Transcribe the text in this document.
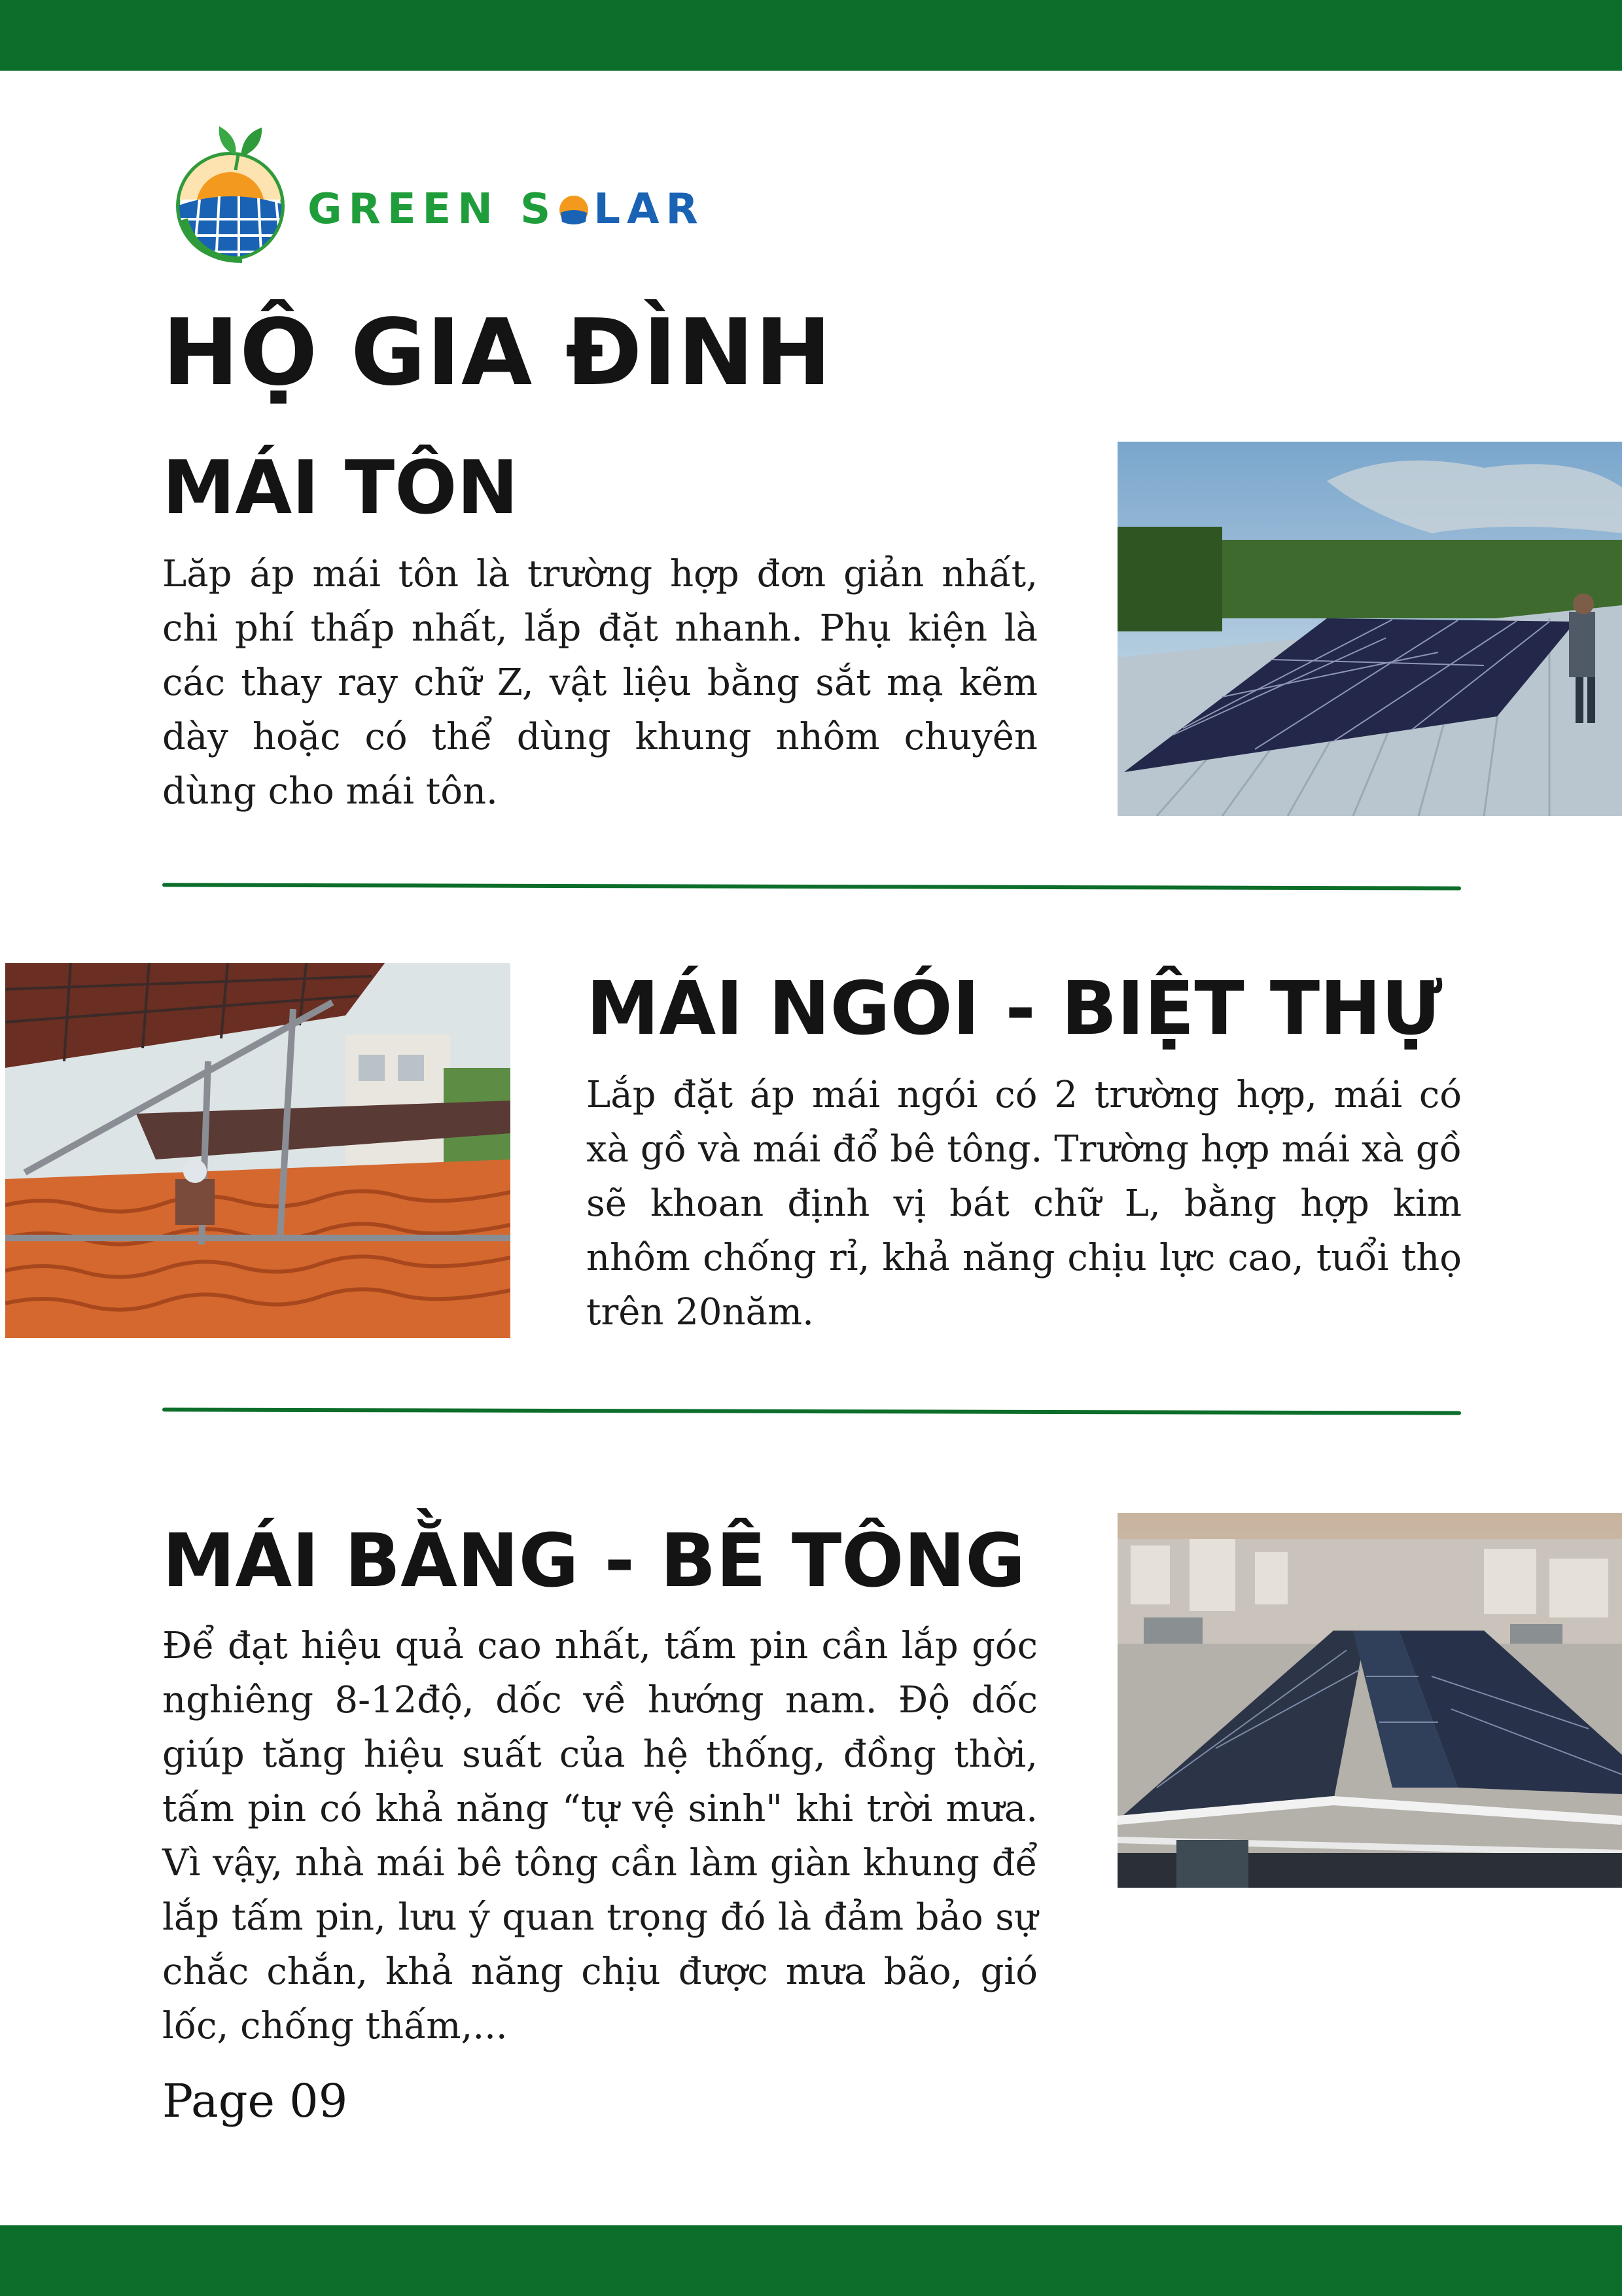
GREEN S LAR
HỘ GIA ĐÌNH
MÁI TÔN

Lăp áp mái tôn là trường hợp đơn giản nhất, chi phí thấp nhất, lắp đặt nhanh. Phụ kiện là các thay ray chữ Z, vật liệu bằng sắt mạ kẽm dày hoặc có thể dùng khung nhôm chuyên dùng cho mái tôn.

MÁI NGÓI - BIỆT THỰ

Lắp đặt áp mái ngói có 2 trường hợp, mái có xà gồ và mái đổ bê tông. Trường hợp mái xà gồ sẽ khoan định vị bát chữ L, bằng hợp kim nhôm chống rỉ, khả năng chịu lực cao, tuổi thọ trên 20năm.

MÁI BẰNG - BÊ TÔNG

Để đạt hiệu quả cao nhất, tấm pin cần lắp góc nghiêng 8-12độ, dốc về hướng nam. Độ dốc giúp tăng hiệu suất của hệ thống, đồng thời, tấm pin có khả năng “tự vệ sinh" khi trời mưa. Vì vậy, nhà mái bê tông cần làm giàn khung để lắp tấm pin, lưu ý quan trọng đó là đảm bảo sự chắc chắn, khả năng chịu được mưa bão, gió lốc, chống thấm,...

Page 09
